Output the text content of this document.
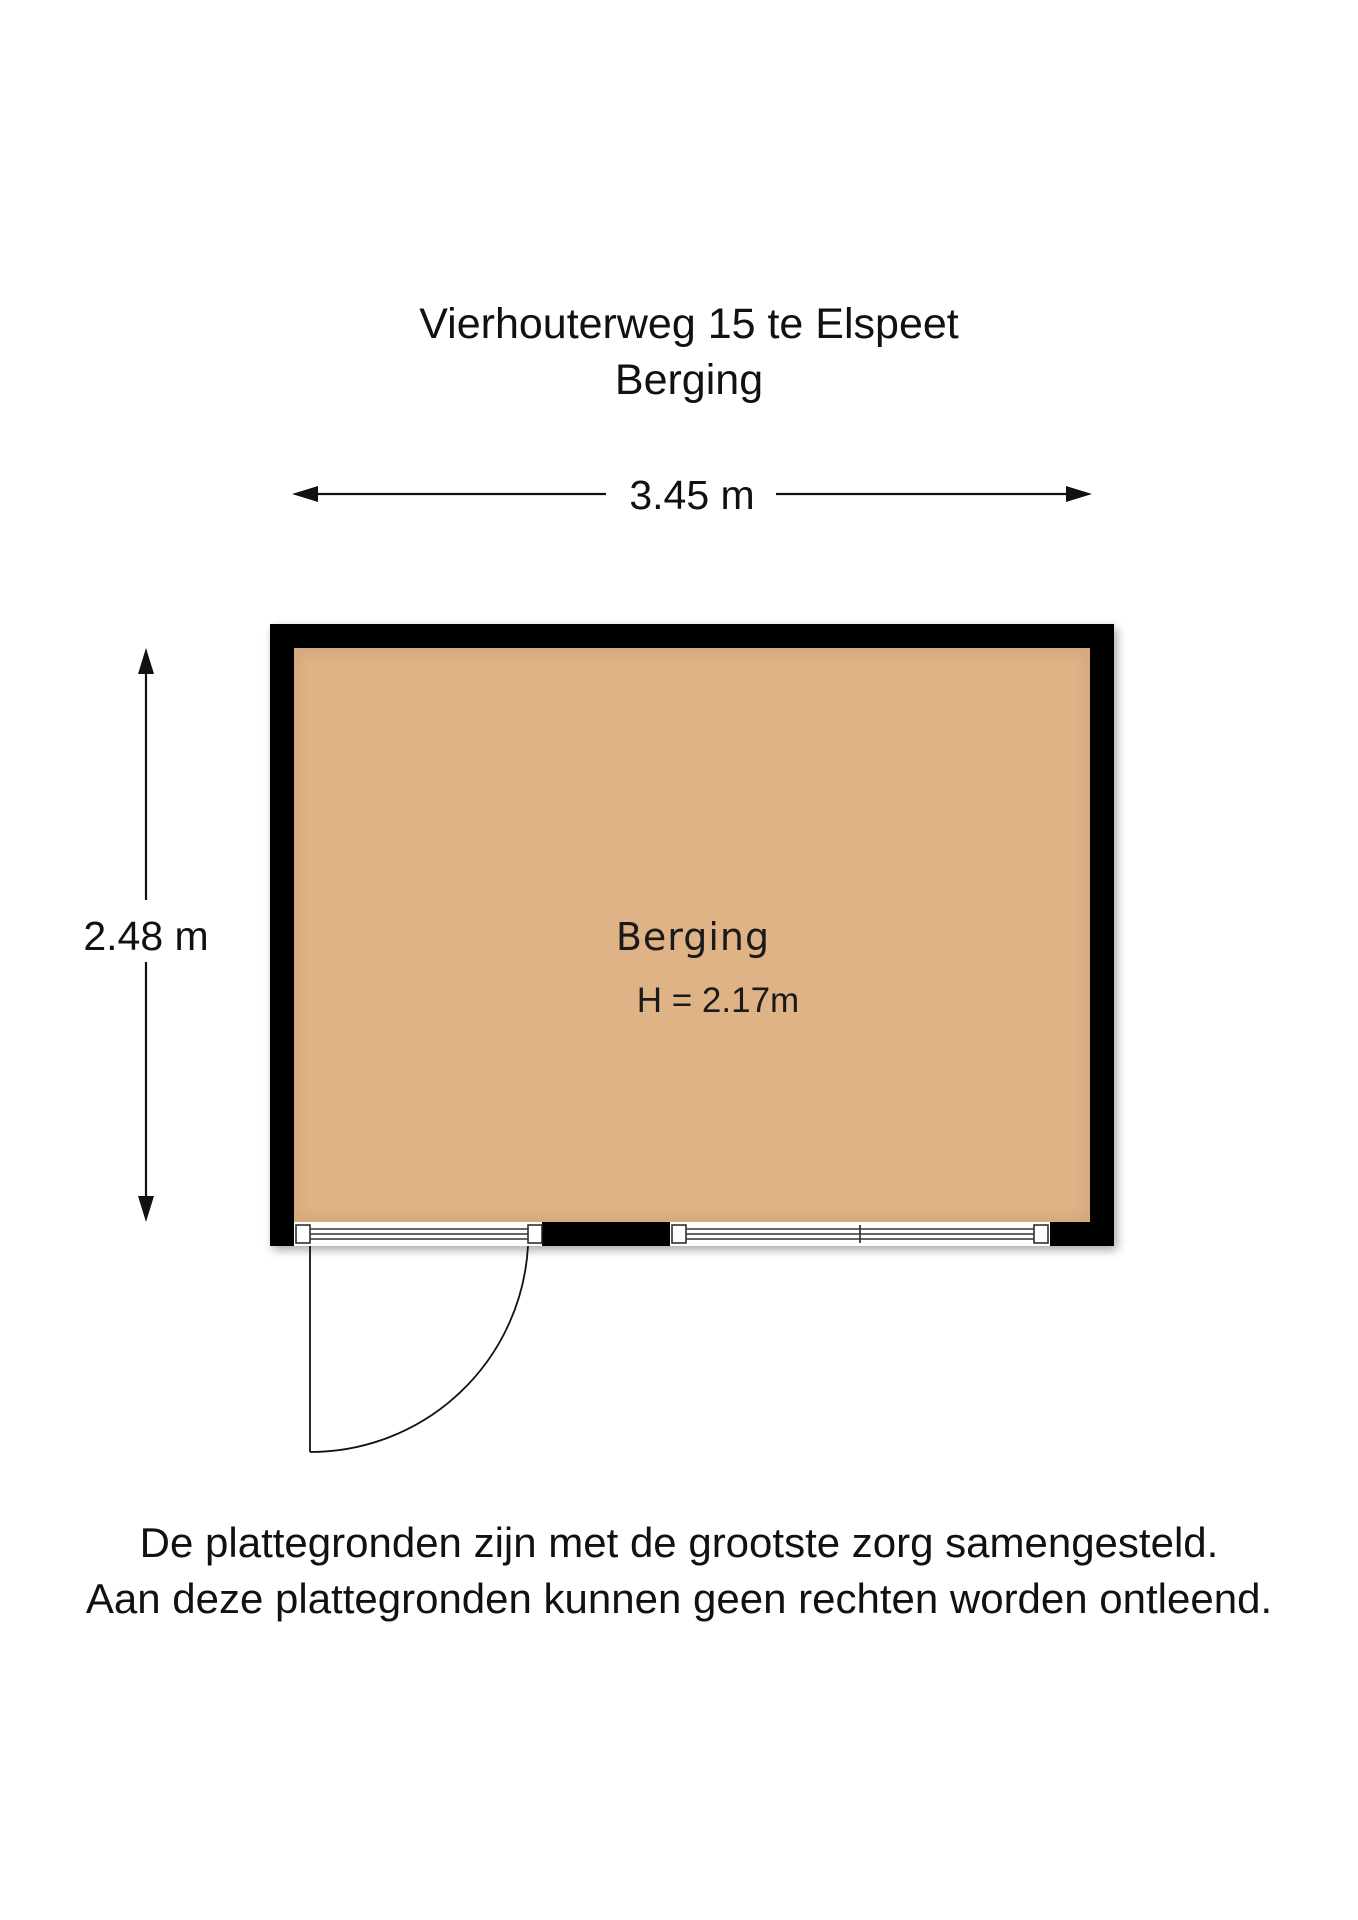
Vierhouterweg 15 te Elspeet
Berging
3.45 m
2.48 m	Berging
H = 2.17m
De plattegronden zijn met de grootste zorg samengesteld.
Aan deze plattegronden kunnen geen rechten worden ontleend.
